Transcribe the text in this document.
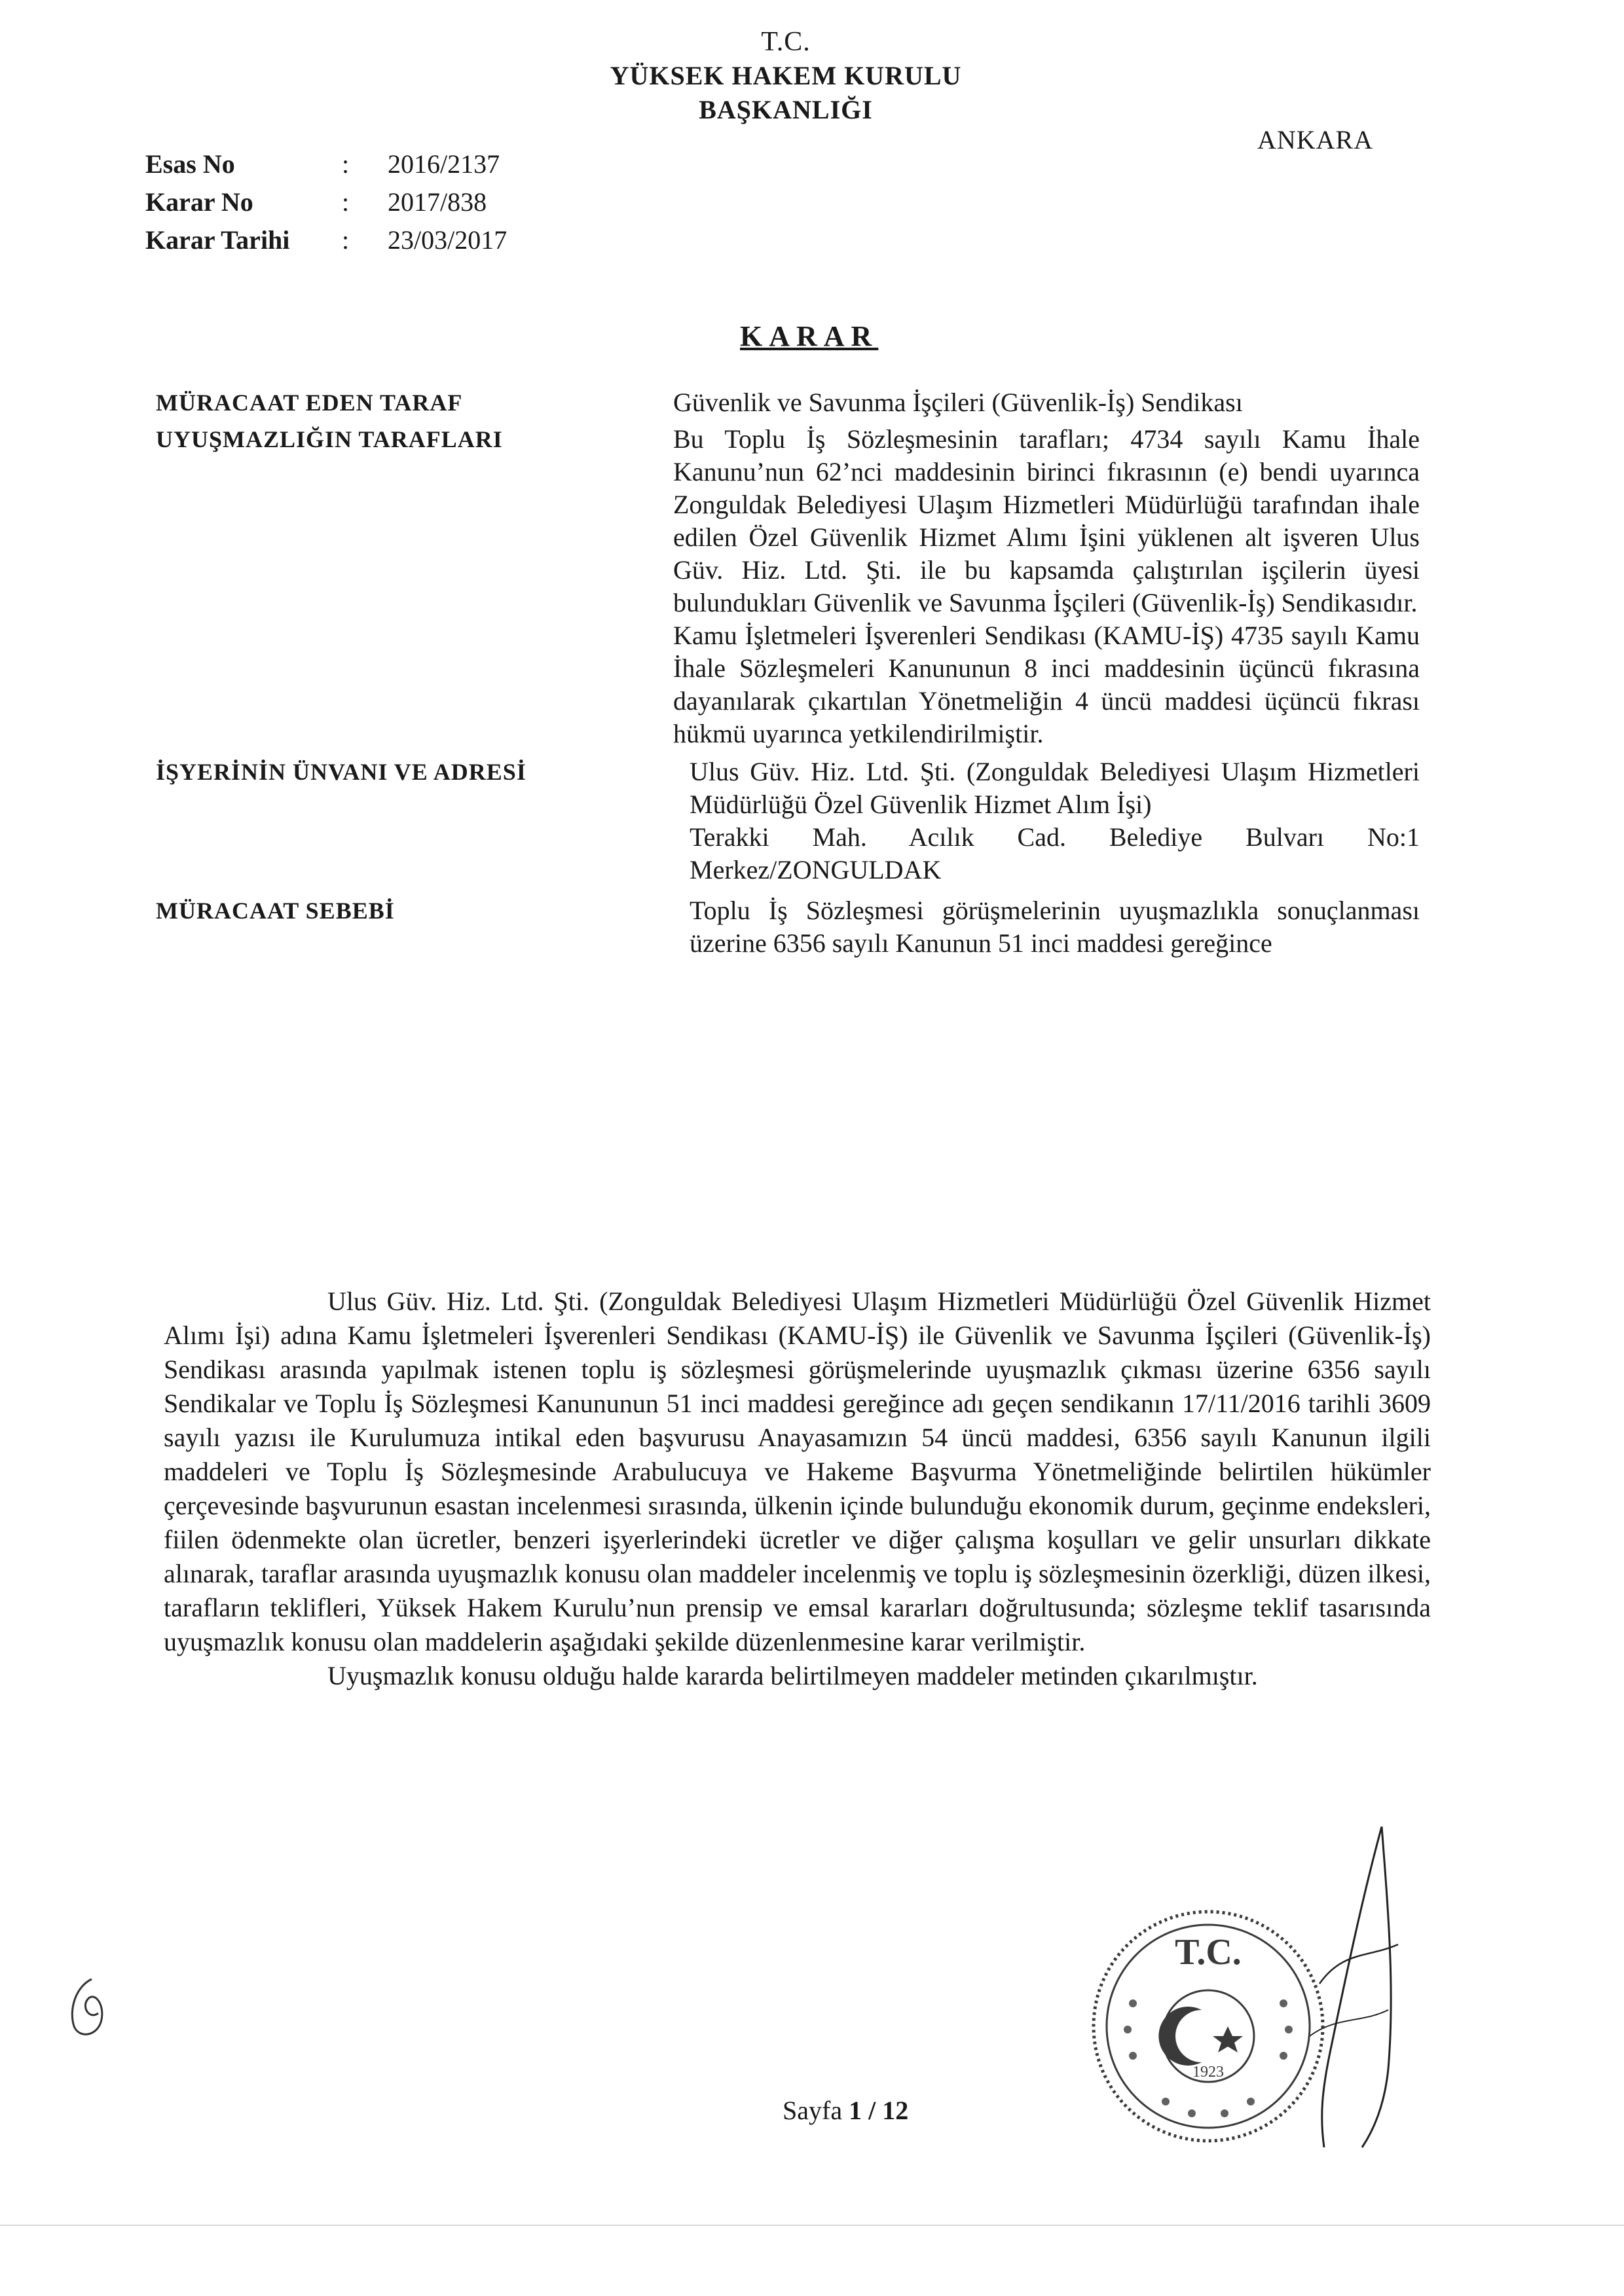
T.C.
YÜKSEK HAKEM KURULU
BAŞKANLIĞI
ANKARA
Esas No	:	2016/2137
Karar No	:	2017/838
Karar Tarihi	:	23/03/2017
KARAR
MÜRACAAT EDEN TARAF	Güvenlik ve Savunma İşçileri (Güvenlik-İş) Sendikası

UYUŞMAZLIĞIN TARAFLARI	Bu Toplu İş Sözleşmesinin tarafları; 4734 sayılı Kamu İhale Kanunu’nun 62’nci maddesinin birinci fıkrasının (e) bendi uyarınca Zonguldak Belediyesi Ulaşım Hizmetleri Müdürlüğü tarafından ihale edilen Özel Güvenlik Hizmet Alımı İşini yüklenen alt işveren Ulus Güv. Hiz. Ltd. Şti. ile bu kapsamda çalıştırılan işçilerin üyesi bulundukları Güvenlik ve Savunma İşçileri (Güvenlik-İş) Sendikasıdır.

Kamu İşletmeleri İşverenleri Sendikası (KAMU-İŞ) 4735 sayılı Kamu İhale Sözleşmeleri Kanununun 8 inci maddesinin üçüncü fıkrasına dayanılarak çıkartılan Yönetmeliğin 4 üncü maddesi üçüncü fıkrası hükmü uyarınca yetkilendirilmiştir.

İŞYERİNİN ÜNVANI VE ADRESİ	Ulus Güv. Hiz. Ltd. Şti. (Zonguldak Belediyesi Ulaşım Hizmetleri Müdürlüğü Özel Güvenlik Hizmet Alım İşi)

Terakki Mah. Acılık Cad. Belediye Bulvarı No:1 Merkez/ZONGULDAK

MÜRACAAT SEBEBİ	Toplu İş Sözleşmesi görüşmelerinin uyuşmazlıkla sonuçlanması üzerine 6356 sayılı Kanunun 51 inci maddesi gereğince

Ulus Güv. Hiz. Ltd. Şti. (Zonguldak Belediyesi Ulaşım Hizmetleri Müdürlüğü Özel Güvenlik Hizmet Alımı İşi) adına Kamu İşletmeleri İşverenleri Sendikası (KAMU-İŞ) ile Güvenlik ve Savunma İşçileri (Güvenlik-İş) Sendikası arasında yapılmak istenen toplu iş sözleşmesi görüşmelerinde uyuşmazlık çıkması üzerine 6356 sayılı Sendikalar ve Toplu İş Sözleşmesi Kanununun 51 inci maddesi gereğince adı geçen sendikanın 17/11/2016 tarihli 3609 sayılı yazısı ile Kurulumuza intikal eden başvurusu Anayasamızın 54 üncü maddesi, 6356 sayılı Kanunun ilgili maddeleri ve Toplu İş Sözleşmesinde Arabulucuya ve Hakeme Başvurma Yönetmeliğinde belirtilen hükümler çerçevesinde başvurunun esastan incelenmesi sırasında, ülkenin içinde bulunduğu ekonomik durum, geçinme endeksleri, fiilen ödenmekte olan ücretler, benzeri işyerlerindeki ücretler ve diğer çalışma koşulları ve gelir unsurları dikkate alınarak, taraflar arasında uyuşmazlık konusu olan maddeler incelenmiş ve toplu iş sözleşmesinin özerkliği, düzen ilkesi, tarafların teklifleri, Yüksek Hakem Kurulu’nun prensip ve emsal kararları doğrultusunda; sözleşme teklif tasarısında uyuşmazlık konusu olan maddelerin aşağıdaki şekilde düzenlenmesine karar verilmiştir.

Uyuşmazlık konusu olduğu halde kararda belirtilmeyen maddeler metinden çıkarılmıştır.

T.C.
1923
Sayfa 1 / 12
